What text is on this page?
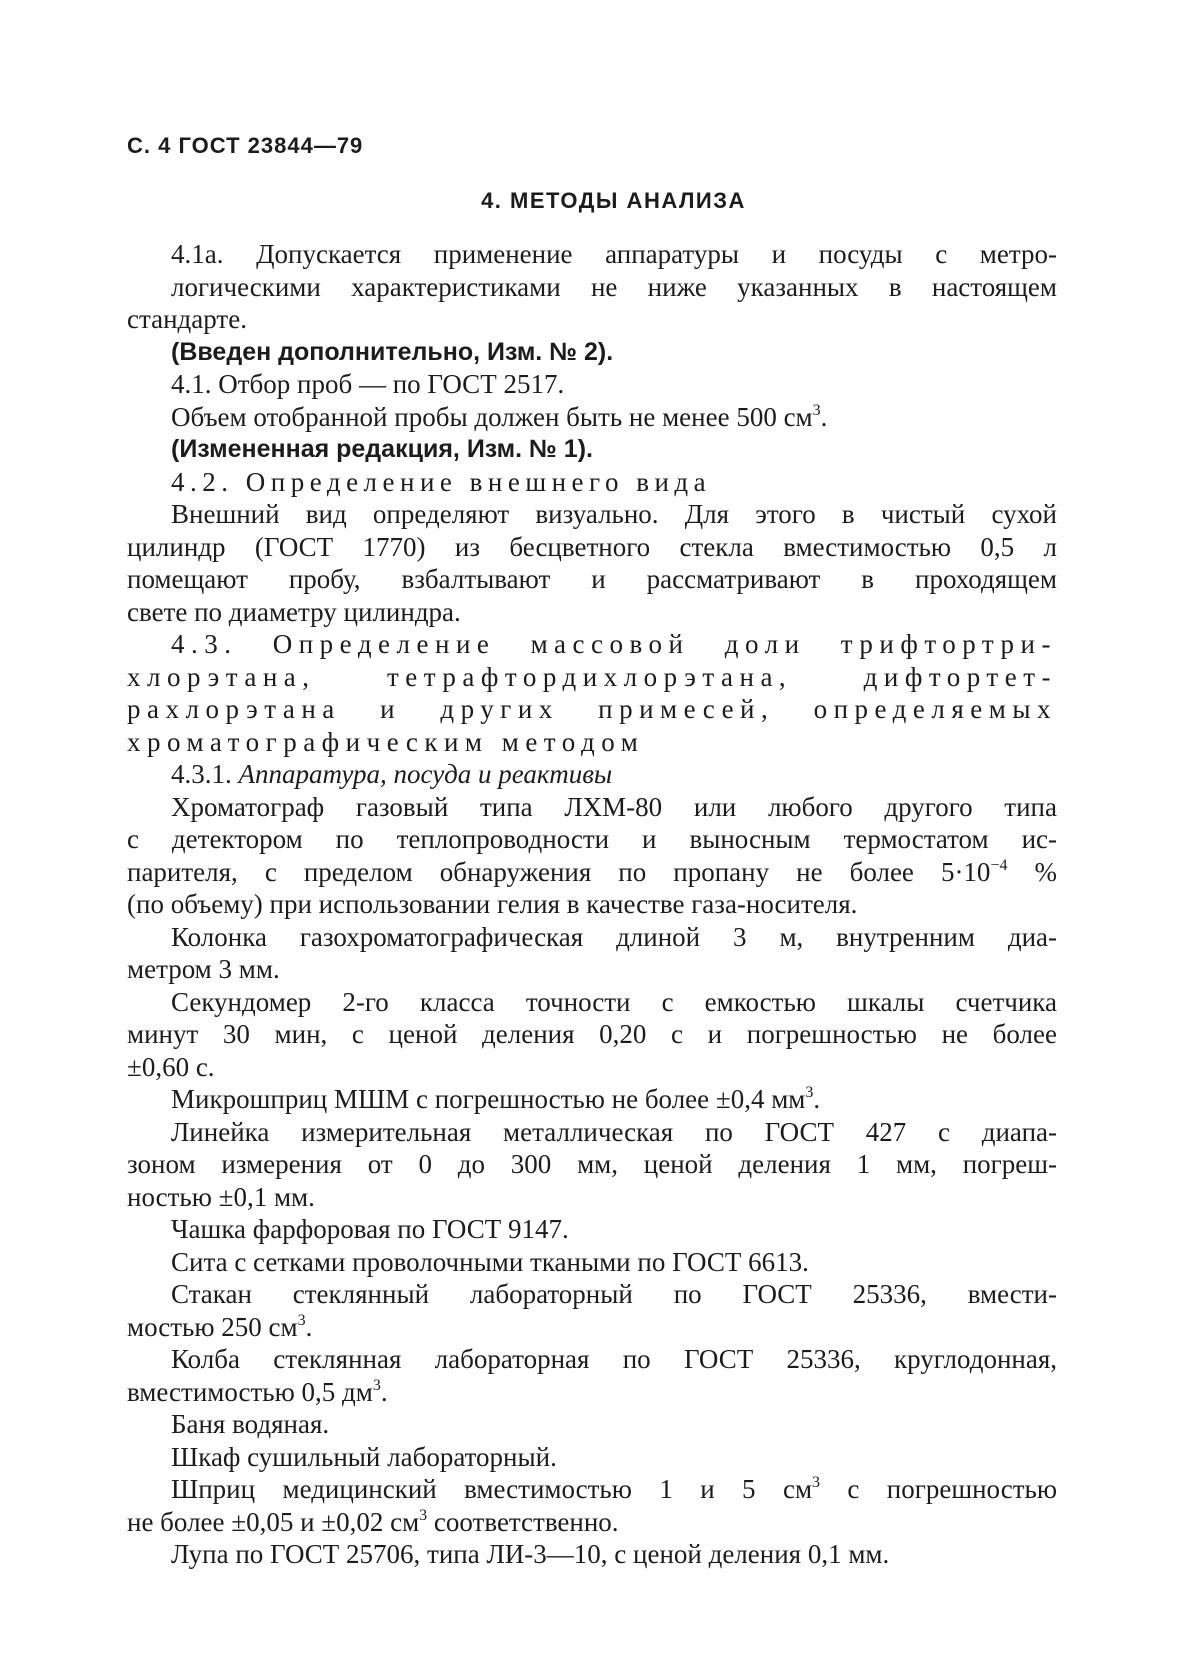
С. 4 ГОСТ 23844—79
4. МЕТОДЫ АНАЛИЗА

4.1а. Допускается применение аппаратуры и посуды с метро-
логическими характеристиками не ниже указанных в настоящем
стандарте.

(Введен дополнительно, Изм. № 2).

4.1. Отбор проб — по ГОСТ 2517.

Объем отобранной пробы должен быть не менее 500 $см^3$.

(Измененная редакция, Изм. № 1).

4.2. Определение внешнего вида

Внешний вид определяют визуально. Для этого в чистый сухой
цилиндр (ГОСТ 1770) из бесцветного стекла вместимостью 0,5 л
помещают пробу, взбалтывают и рассматривают в проходящем
свете по диаметру цилиндра.

4.3. Определение массовой доли трифтортри-
хлорэтана, тетрафтордихлорэтана, дифтортет-
рахлорэтана и других примесей, определяемых
хроматографическим методом

4.3.1. Аппаратура, посуда и реактивы

Хроматограф газовый типа ЛХМ-80 или любого другого типа
с детектором по теплопроводности и выносным термостатом ис-
парителя, с пределом обнаружения по пропану не более $5\cdot 10^{-4}$ %
(по объему) при использовании гелия в качестве газа-носителя.

Колонка газохроматографическая длиной 3 м, внутренним диа-
метром 3 мм.

Секундомер 2-го класса точности с емкостью шкалы счетчика
минут 30 мин, с ценой деления 0,20 с и погрешностью не более
±0,60 с.

Микрошприц МШМ с погрешностью не более ±0,4 $мм^3$.

Линейка измерительная металлическая по ГОСТ 427 с диапа-
зоном измерения от 0 до 300 мм, ценой деления 1 мм, погреш-
ностью ±0,1 мм.

Чашка фарфоровая по ГОСТ 9147.

Сита с сетками проволочными ткаными по ГОСТ 6613.

Стакан стеклянный лабораторный по ГОСТ 25336, вмести-
мостью 250 $см^3$.

Колба стеклянная лабораторная по ГОСТ 25336, круглодонная,
вместимостью 0,5 $дм^3$.

Баня водяная.

Шкаф сушильный лабораторный.

Шприц медицинский вместимостью 1 и 5 $см^3$ с погрешностью
не более ±0,05 и ±0,02 $см^3$ соответственно.

Лупа по ГОСТ 25706, типа ЛИ-3—10, с ценой деления 0,1 мм.
